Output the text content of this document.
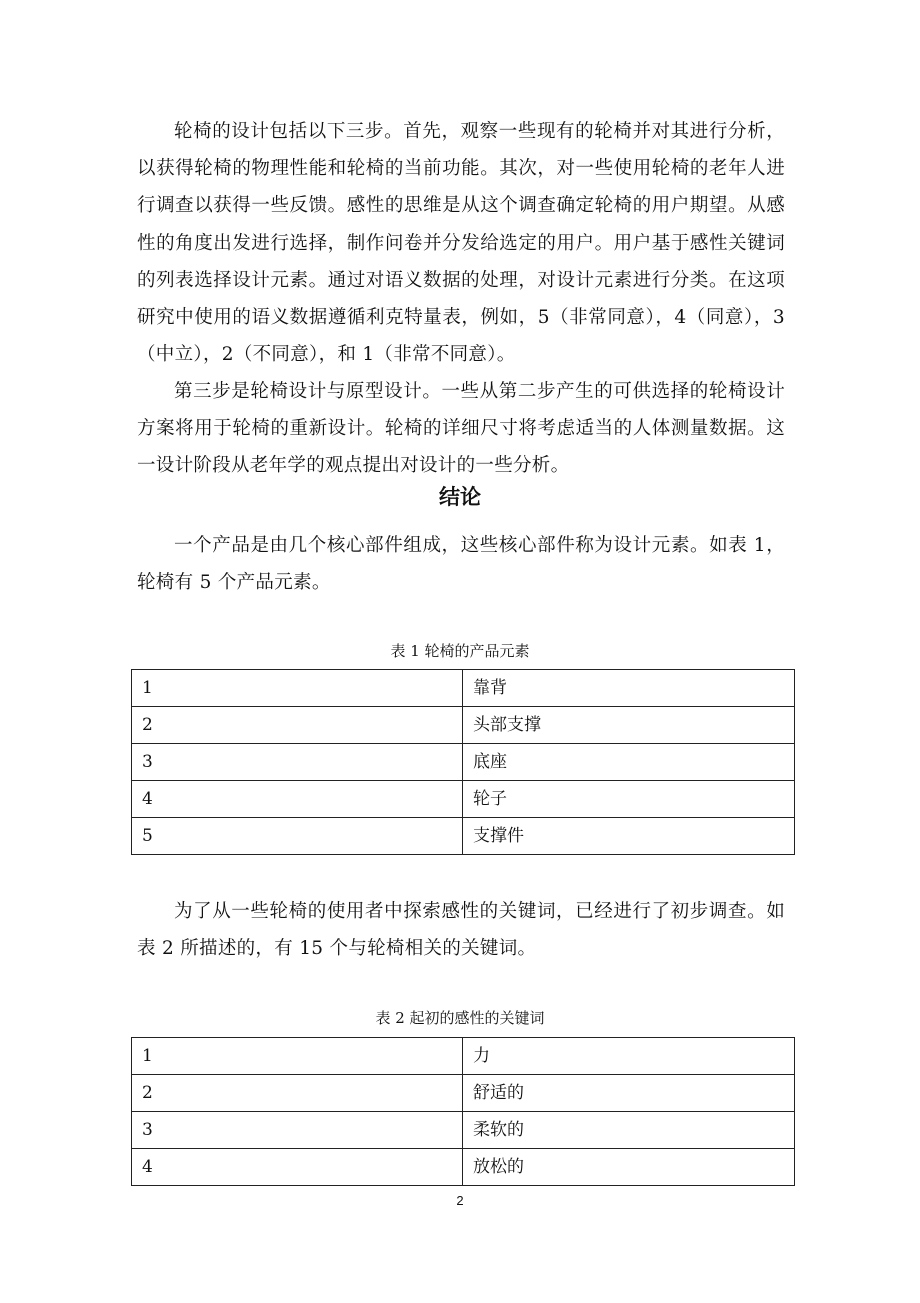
轮椅的设计包括以下三步。首先，观察一些现有的轮椅并对其进行分析，以获得轮椅的物理性能和轮椅的当前功能。其次，对一些使用轮椅的老年人进行调查以获得一些反馈。感性的思维是从这个调查确定轮椅的用户期望。从感性的角度出发进行选择，制作问卷并分发给选定的用户。用户基于感性关键词的列表选择设计元素。通过对语义数据的处理，对设计元素进行分类。在这项研究中使用的语义数据遵循利克特量表，例如，5（非常同意），4（同意），3（中立），2（不同意），和 1（非常不同意）。

第三步是轮椅设计与原型设计。一些从第二步产生的可供选择的轮椅设计方案将用于轮椅的重新设计。轮椅的详细尺寸将考虑适当的人体测量数据。这一设计阶段从老年学的观点提出对设计的一些分析。

结论

一个产品是由几个核心部件组成，这些核心部件称为设计元素。如表 1，轮椅有 5 个产品元素。

表 1 轮椅的产品元素
1	靠背
2	头部支撑
3	底座
4	轮子
5	支撑件

为了从一些轮椅的使用者中探索感性的关键词，已经进行了初步调查。如表 2 所描述的，有 15 个与轮椅相关的关键词。

表 2 起初的感性的关键词
1	力
2	舒适的
3	柔软的
4	放松的
2
